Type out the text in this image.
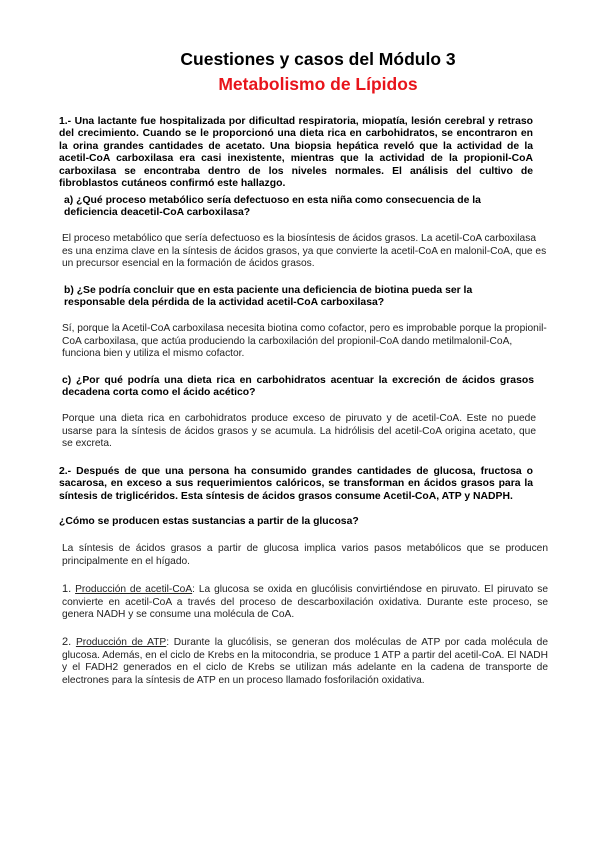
Cuestiones y casos del Módulo 3
Metabolismo de Lípidos
1.- Una lactante fue hospitalizada por dificultad respiratoria, miopatía, lesión cerebral y retraso del crecimiento. Cuando se le proporcionó una dieta rica en carbohidratos, se encontraron en la orina grandes cantidades de acetato. Una biopsia hepática reveló que la actividad de la acetil-CoA carboxilasa era casi inexistente, mientras que la actividad de la propionil-CoA carboxilasa se encontraba dentro de los niveles normales. El análisis del cultivo de fibroblastos cutáneos confirmó este hallazgo.
a) ¿Qué proceso metabólico sería defectuoso en esta niña como consecuencia de la deficiencia deacetil-CoA carboxilasa?
El proceso metabólico que sería defectuoso es la biosíntesis de ácidos grasos. La acetil-CoA carboxilasa es una enzima clave en la síntesis de ácidos grasos, ya que convierte la acetil-CoA en malonil-CoA, que es un precursor esencial en la formación de ácidos grasos.
b) ¿Se podría concluir que en esta paciente una deficiencia de biotina pueda ser la responsable dela pérdida de la actividad acetil-CoA carboxilasa?
Sí, porque la Acetil-CoA carboxilasa necesita biotina como cofactor, pero es improbable porque la propionil-CoA carboxilasa, que actúa produciendo la carboxilación del propionil-CoA dando metilmalonil-CoA, funciona bien y utiliza el mismo cofactor.
c) ¿Por qué podría una dieta rica en carbohidratos acentuar la excreción de ácidos grasos decadena corta como el ácido acético?
Porque una dieta rica en carbohidratos produce exceso de piruvato y de acetil-CoA. Este no puede usarse para la síntesis de ácidos grasos y se acumula. La hidrólisis del acetil-CoA origina acetato, que se excreta.
2.- Después de que una persona ha consumido grandes cantidades de glucosa, fructosa o sacarosa, en exceso a sus requerimientos calóricos, se transforman en ácidos grasos para la síntesis de triglicéridos. Esta síntesis de ácidos grasos consume Acetil-CoA, ATP y NADPH.
¿Cómo se producen estas sustancias a partir de la glucosa?
La síntesis de ácidos grasos a partir de glucosa implica varios pasos metabólicos que se producen principalmente en el hígado.
1. Producción de acetil-CoA: La glucosa se oxida en glucólisis convirtiéndose en piruvato. El piruvato se convierte en acetil-CoA a través del proceso de descarboxilación oxidativa. Durante este proceso, se genera NADH y se consume una molécula de CoA.
2. Producción de ATP: Durante la glucólisis, se generan dos moléculas de ATP por cada molécula de glucosa. Además, en el ciclo de Krebs en la mitocondria, se produce 1 ATP a partir del acetil-CoA. El NADH y el FADH2 generados en el ciclo de Krebs se utilizan más adelante en la cadena de transporte de electrones para la síntesis de ATP en un proceso llamado fosforilación oxidativa.
